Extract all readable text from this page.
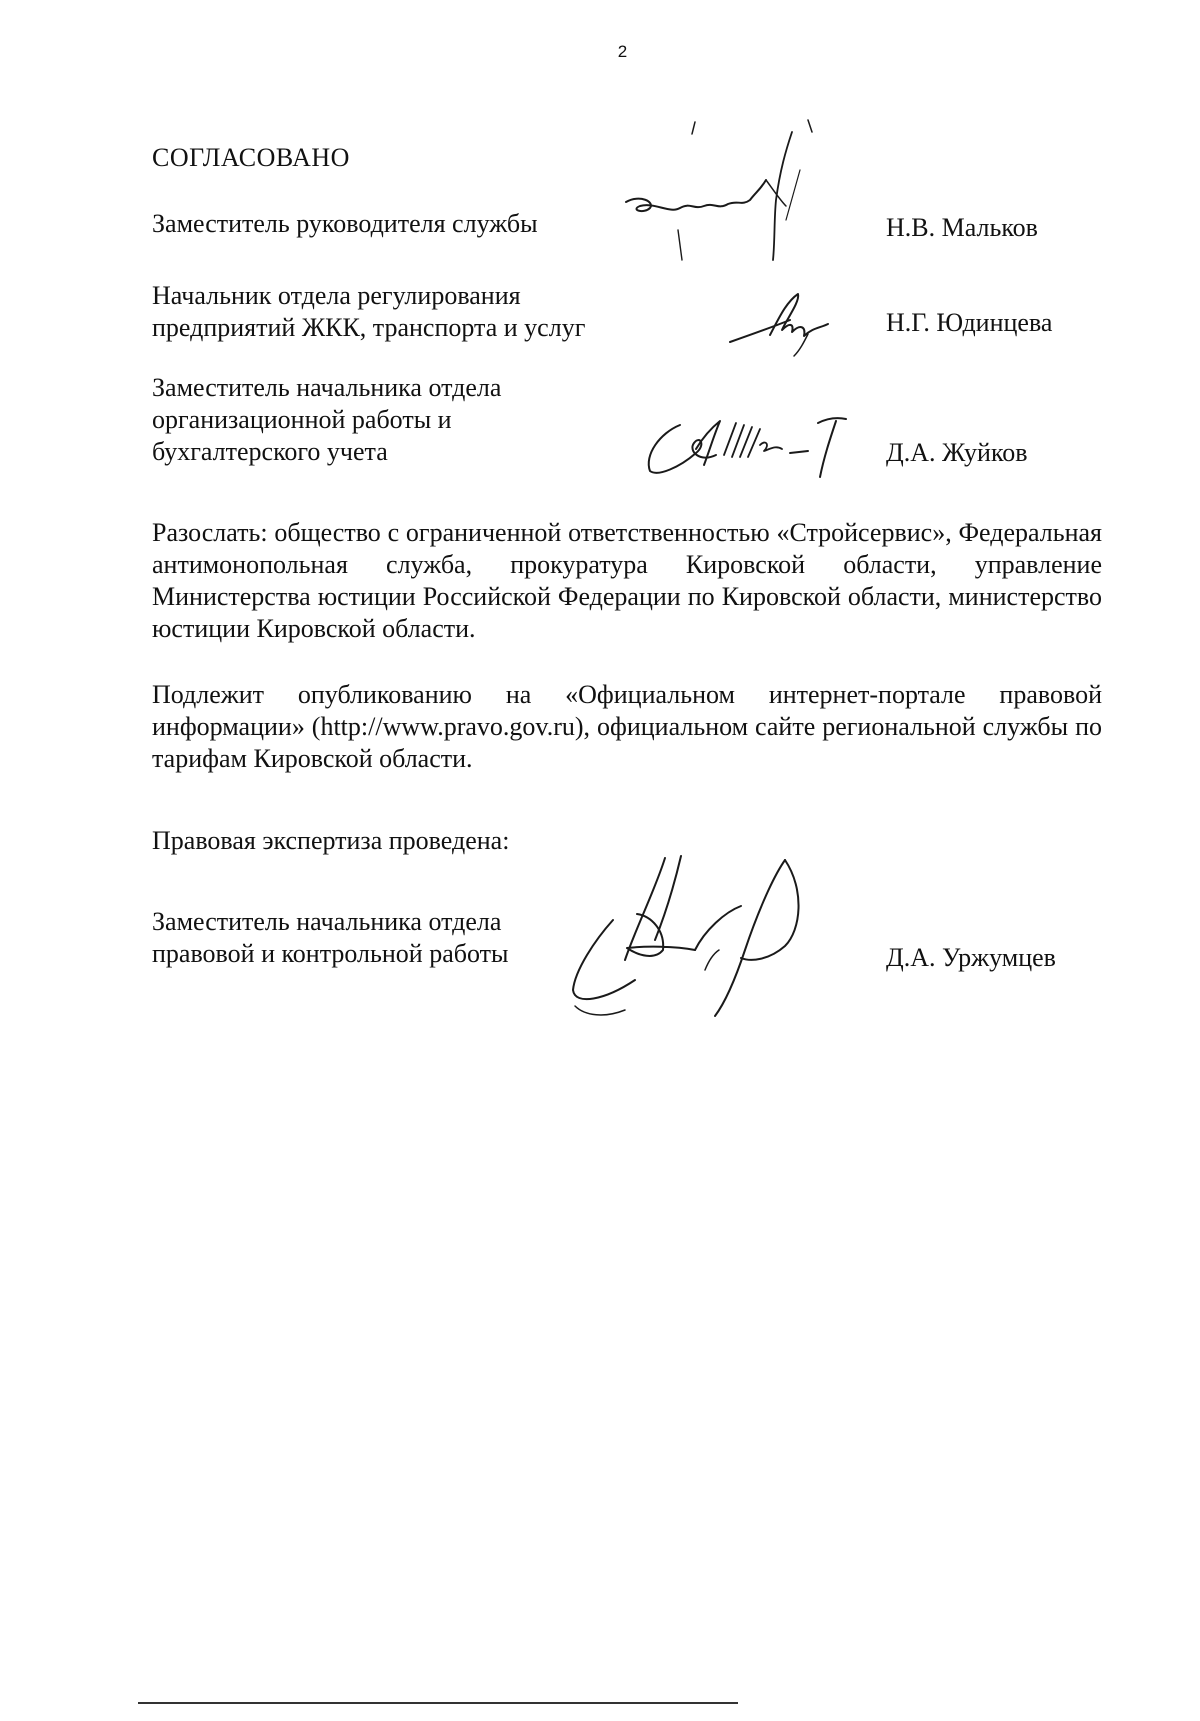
2
СОГЛАСОВАНО
Заместитель руководителя службы	Н.В. Мальков
Начальник отдела регулирования
предприятий ЖКК, транспорта и услуг	Н.Г. Юдинцева
Заместитель начальника отдела
организационной работы и
бухгалтерского учета	Д.А. Жуйков
Разослать: общество с ограниченной ответственностью «Стройсервис», Федеральная антимонопольная служба, прокуратура Кировской области, управление Министерства юстиции Российской Федерации по Кировской области, министерство юстиции Кировской области.
Подлежит опубликованию на «Официальном интернет-портале правовой информации» (http://www.pravo.gov.ru), официальном сайте региональной службы по тарифам Кировской области.
Правовая экспертиза проведена:
Заместитель начальника отдела
правовой и контрольной работы	Д.А. Уржумцев
